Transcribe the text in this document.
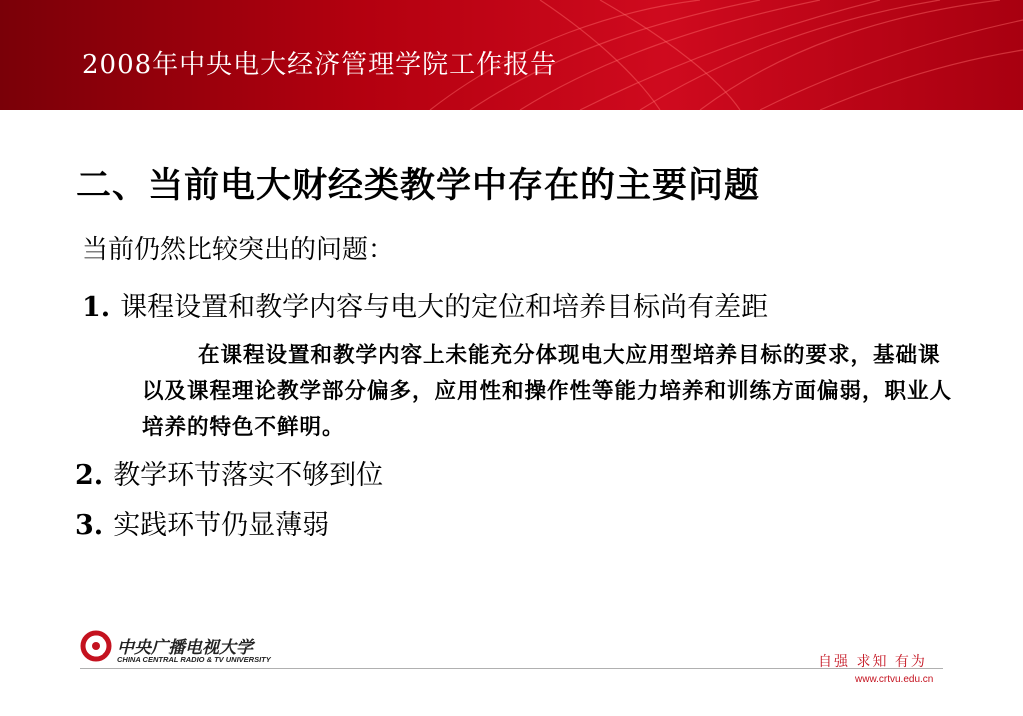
2008年中央电大经济管理学院工作报告
二、当前电大财经类教学中存在的主要问题
当前仍然比较突出的问题：
1. 课程设置和教学内容与电大的定位和培养目标尚有差距
在课程设置和教学内容上未能充分体现电大应用型培养目标的要求，基础课以及课程理论教学部分偏多，应用性和操作性等能力培养和训练方面偏弱，职业人培养的特色不鲜明。
2. 教学环节落实不够到位
3. 实践环节仍显薄弱
中央广播电视大学
CHINA CENTRAL RADIO & TV UNIVERSITY	自强 求知 有为
www.crtvu.edu.cn
